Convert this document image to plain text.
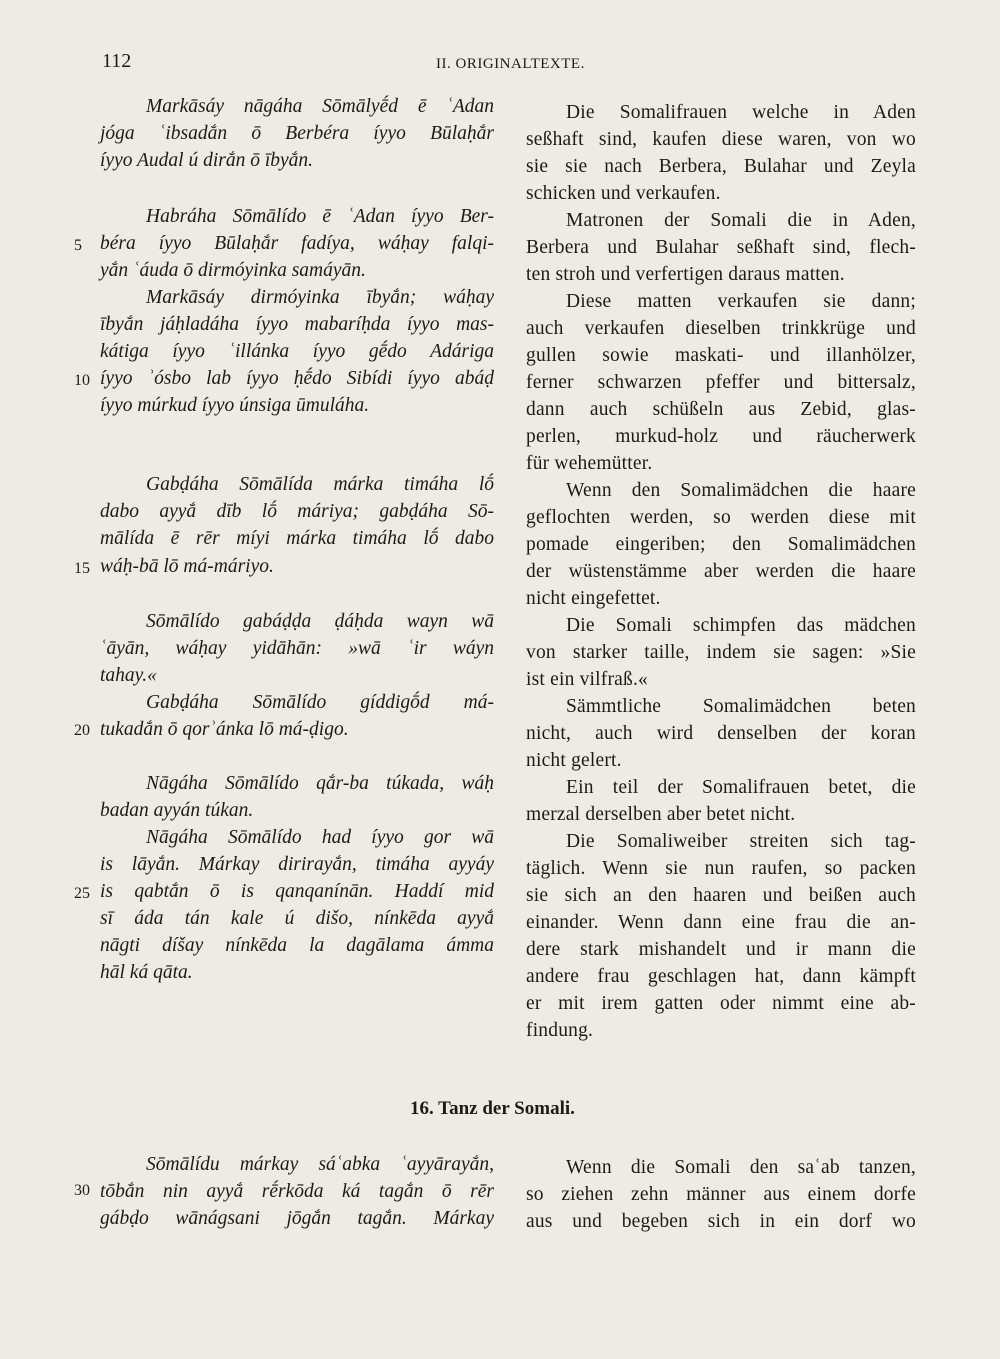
112	II. ORIGINALTEXTE.
5
10
15
20
25
30
Markāsáy nāgáha Sōmālyḗd ē ʿAdan
jóga ʿibsadắn ō Berbéra íyyo Būlaḥắr
íyyo Audal ú dirắn ō ībyắn.
Habráha Sōmālído ē ʿAdan íyyo Ber-
béra íyyo Būlaḥắr fadíya, wáḥay falqi-
yắn ʿáuda ō dirmóyinka samáyān.
Markāsáy dirmóyinka ībyắn; wáḥay
ībyắn jáḥladáha íyyo mabaríḥda íyyo mas-
kátiga íyyo ʿillánka íyyo gḗdo Adáriga
íyyo ʾósbo lab íyyo ḥḗdo Sibídi íyyo abáḍ
íyyo múrkud íyyo únsiga ūmuláha.
Gabḍáha Sōmālída márka timáha lṓ
dabo ayyắ dīb lṓ máriya; gabḍáha Sō-
mālída ē rēr míyi márka timáha lṓ dabo
wáḥ-bā lō má-máriyo.
Sōmālído gabáḍḍa ḍáḥda wayn wā
ʿāyān, wáḥay yidāhān: »wā ʿir wáyn
tahay.«
Gabḍáha Sōmālído gíddigṓd má-
tukadắn ō qorʾánka lō má-ḍigo.
Nāgáha Sōmālído qắr-ba túkada, wáḥ
badan ayyán túkan.
Nāgáha Sōmālído had íyyo gor wā
is lāyắn. Márkay dirirayắn, timáha ayyáy
is qabtắn ō is qanqanínān. Haddí mid
sī áda tán kale ú dišo, nínkēda ayyắ
nāgti díšay nínkēda la dagālama ámma
hāl ká qāta.
Sōmālídu márkay sáʿabka ʿayyārayắn,
tōbắn nin ayyắ rḗrkōda ká tagắn ō rēr
gábḍo wānágsani jōgắn tagắn. Márkay
Die Somalifrauen welche in Aden
seßhaft sind, kaufen diese waren, von wo
sie sie nach Berbera, Bulahar und Zeyla
schicken und verkaufen.
Matronen der Somali die in Aden,
Berbera und Bulahar seßhaft sind, flech-
ten stroh und verfertigen daraus matten.
Diese matten verkaufen sie dann;
auch verkaufen dieselben trinkkrüge und
gullen sowie maskati- und illanhölzer,
ferner schwarzen pfeffer und bittersalz,
dann auch schüßeln aus Zebid, glas-
perlen, murkud-holz und räucherwerk
für wehemütter.
Wenn den Somalimädchen die haare
geflochten werden, so werden diese mit
pomade eingeriben; den Somalimädchen
der wüstenstämme aber werden die haare
nicht eingefettet.
Die Somali schimpfen das mädchen
von starker taille, indem sie sagen: »Sie
ist ein vilfraß.«
Sämmtliche Somalimädchen beten
nicht, auch wird denselben der koran
nicht gelert.
Ein teil der Somalifrauen betet, die
merzal derselben aber betet nicht.
Die Somaliweiber streiten sich tag-
täglich. Wenn sie nun raufen, so packen
sie sich an den haaren und beißen auch
einander. Wenn dann eine frau die an-
dere stark mishandelt und ir mann die
andere frau geschlagen hat, dann kämpft
er mit irem gatten oder nimmt eine ab-
findung.
Wenn die Somali den saʿab tanzen,
so ziehen zehn männer aus einem dorfe
aus und begeben sich in ein dorf wo
16. Tanz der Somali.
